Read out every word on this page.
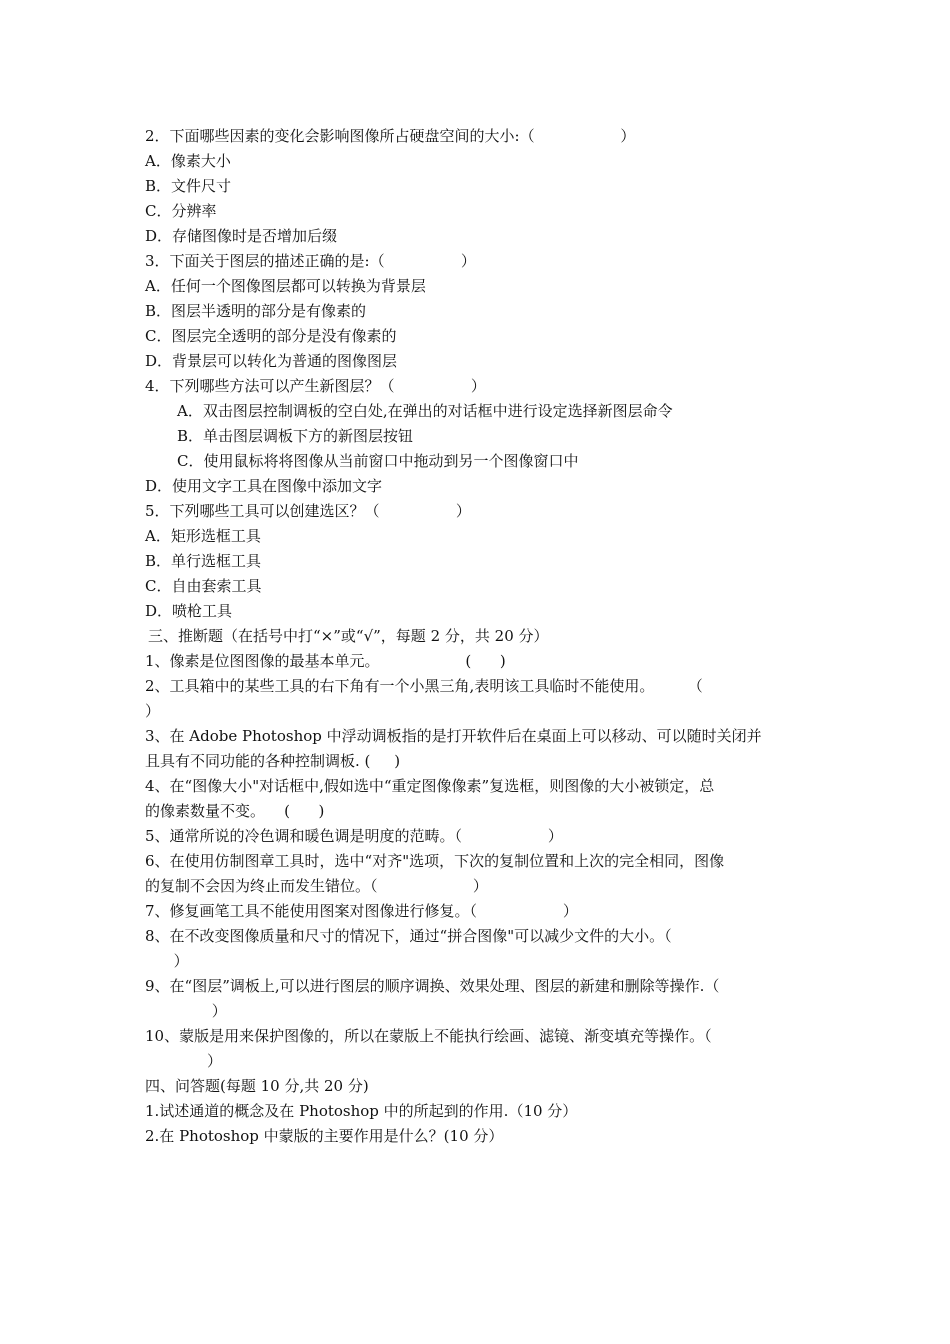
2．下面哪些因素的变化会影响图像所占硬盘空间的大小:（                  ）
A．像素大小
B．文件尺寸
C．分辨率
D．存储图像时是否增加后缀
3．下面关于图层的描述正确的是:（                ）
A．任何一个图像图层都可以转换为背景层
B．图层半透明的部分是有像素的
C．图层完全透明的部分是没有像素的
D．背景层可以转化为普通的图像图层
4．下列哪些方法可以产生新图层？（                ）
A．双击图层控制调板的空白处,在弹出的对话框中进行设定选择新图层命令
B．单击图层调板下方的新图层按钮
C．使用鼠标将将图像从当前窗口中拖动到另一个图像窗口中
D．使用文字工具在图像中添加文字
5．下列哪些工具可以创建选区？（                ）
A．矩形选框工具
B．单行选框工具
C．自由套索工具
D．喷枪工具
三、推断题（在括号中打“×”或“√”，每题 2 分，共 20 分）
1、像素是位图图像的最基本单元。                  (      )
2、工具箱中的某些工具的右下角有一个小黑三角,表明该工具临时不能使用。       （
）
3、在 Adobe Photoshop 中浮动调板指的是打开软件后在桌面上可以移动、可以随时关闭并
且具有不同功能的各种控制调板. (     )
4、在“图像大小"对话框中,假如选中“重定图像像素”复选框，则图像的大小被锁定，总
的像素数量不变。    (      )
5、通常所说的冷色调和暖色调是明度的范畴。（                  ）
6、在使用仿制图章工具时，选中“对齐"选项，下次的复制位置和上次的完全相同，图像
的复制不会因为终止而发生错位。（                    ）
7、修复画笔工具不能使用图案对图像进行修复。（                  ）
8、在不改变图像质量和尺寸的情况下，通过“拼合图像"可以减少文件的大小。（
）
9、在“图层”调板上,可以进行图层的顺序调换、效果处理、图层的新建和删除等操作.（
）
10、蒙版是用来保护图像的，所以在蒙版上不能执行绘画、滤镜、渐变填充等操作。（
）
四、问答题(每题 10 分,共 20 分)
1.试述通道的概念及在 Photoshop 中的所起到的作用.（10 分）
2.在 Photoshop 中蒙版的主要作用是什么？(10 分）
